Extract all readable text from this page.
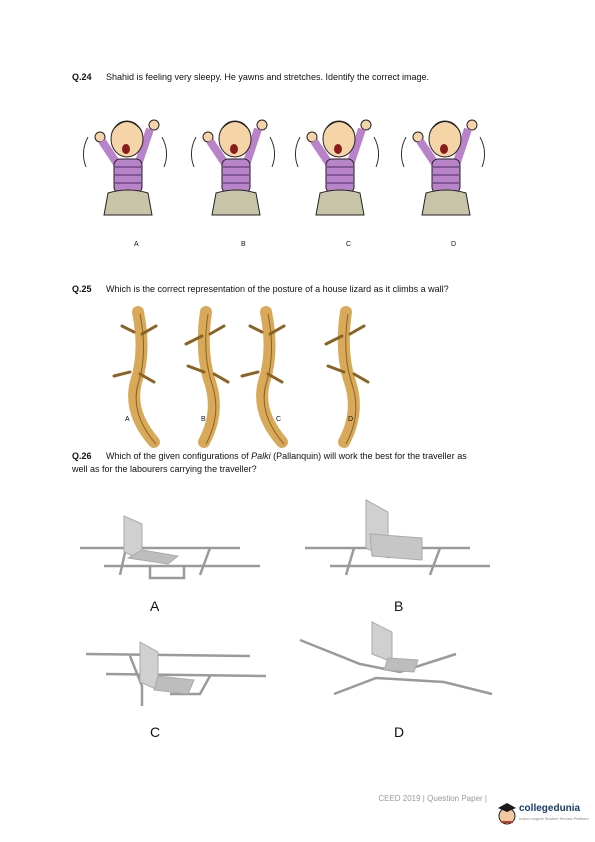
Q.24 Shahid is feeling very sleepy. He yawns and stretches. Identify the correct image.
A	B	C	D
Q.25 Which is the correct representation of the posture of a house lizard as it climbs a wall?
A	B	C	D
Q.26 Which of the given configurations of Palki (Pallanquin) will work the best for the traveller as
well as for the labourers carrying the traveller?
A	B
C	D
CEED 2019 | Question Paper |
collegedunia
India's largest Student Review Platform
